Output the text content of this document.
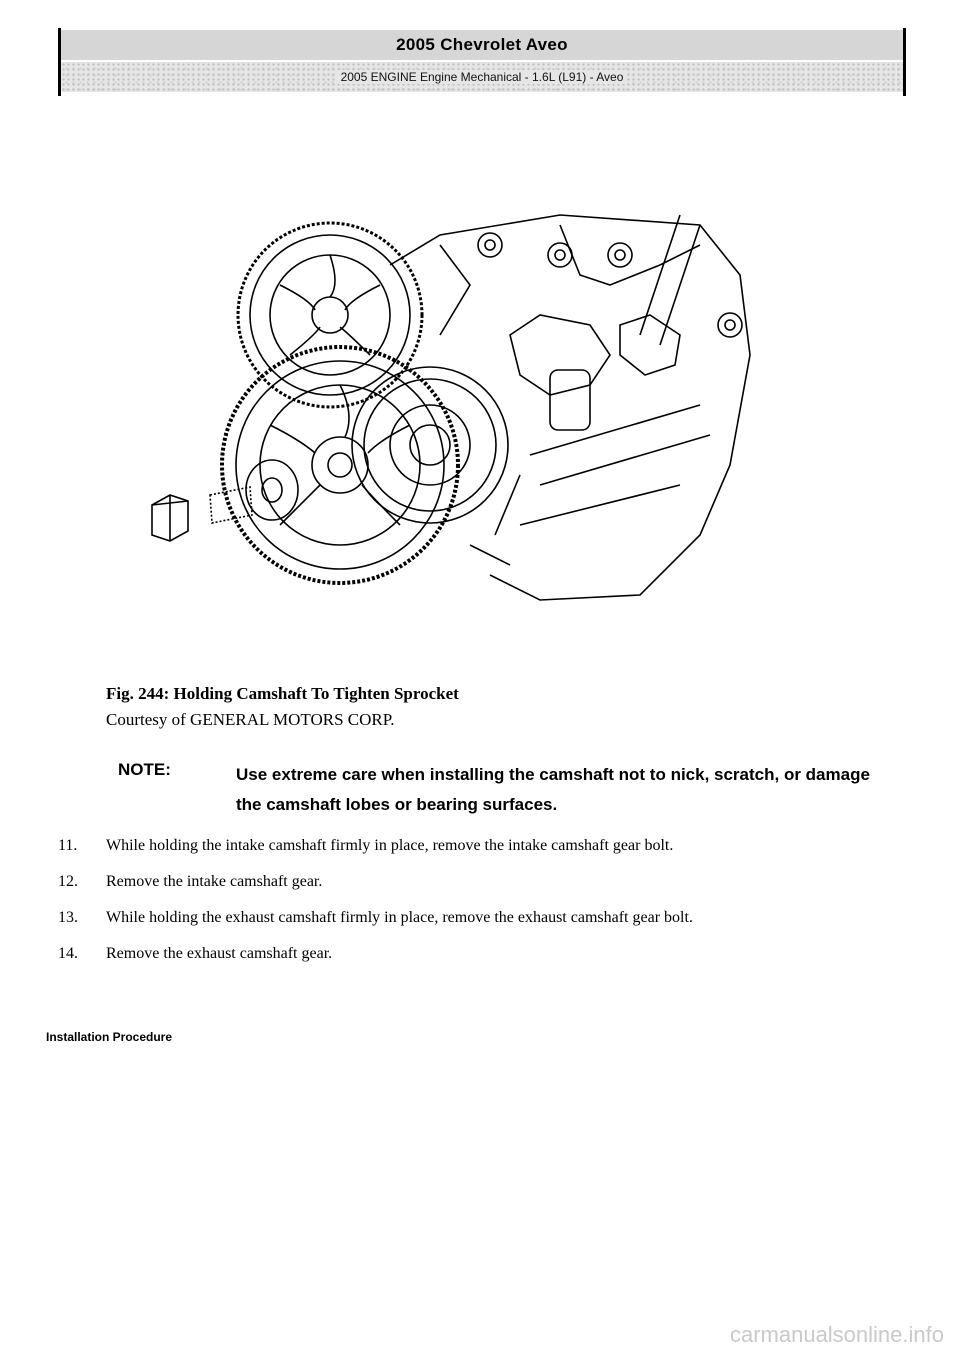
2005 Chevrolet Aveo
2005 ENGINE Engine Mechanical - 1.6L (L91) - Aveo
Fig. 244: Holding Camshaft To Tighten Sprocket
Courtesy of GENERAL MOTORS CORP.
NOTE:	Use extreme care when installing the camshaft not to nick, scratch, or damage the camshaft lobes or bearing surfaces.
11.	While holding the intake camshaft firmly in place, remove the intake camshaft gear bolt.
12.	Remove the intake camshaft gear.
13.	While holding the exhaust camshaft firmly in place, remove the exhaust camshaft gear bolt.
14.	Remove the exhaust camshaft gear.
Installation Procedure
carmanualsonline.info
